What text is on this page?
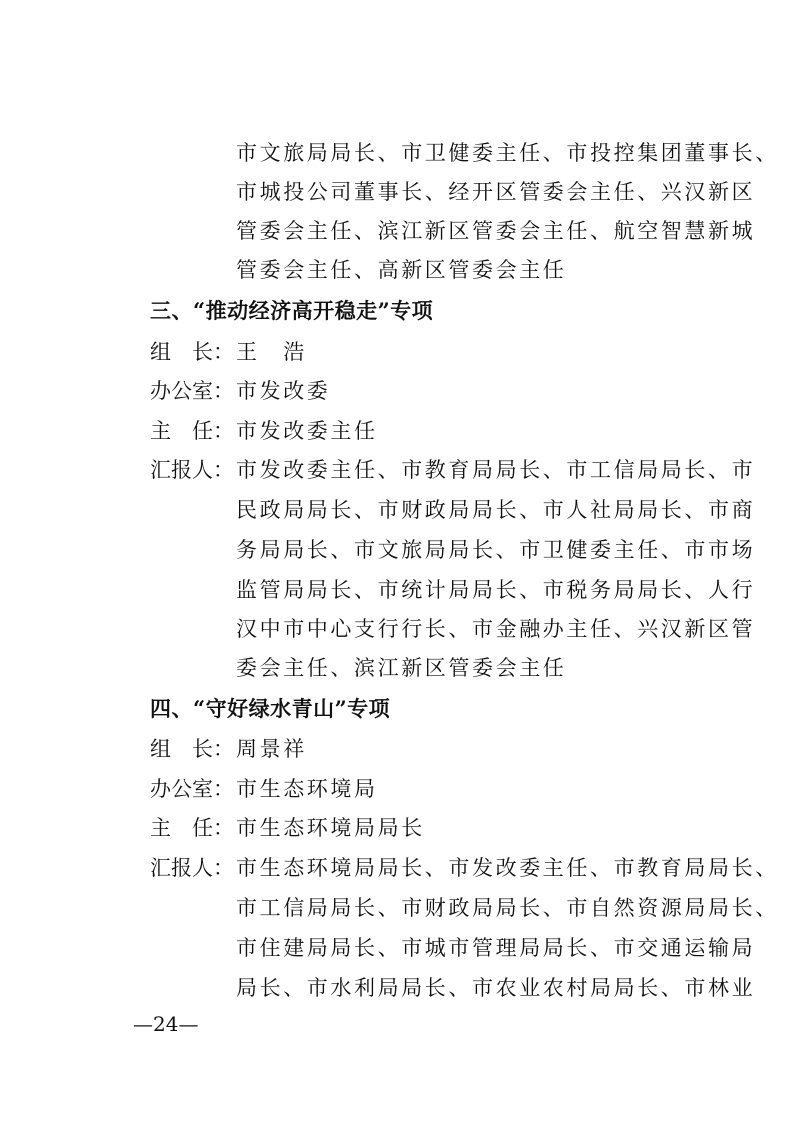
市文旅局局长、市卫健委主任、市投控集团董事长、
市城投公司董事长、经开区管委会主任、兴汉新区
管委会主任、滨江新区管委会主任、航空智慧新城
管委会主任、高新区管委会主任
三、“推动经济高开稳走”专项
组　长： 王　浩
办公室： 市发改委
主　任： 市发改委主任
汇报人： 市发改委主任、市教育局局长、市工信局局长、市
民政局局长、市财政局局长、市人社局局长、市商
务局局长、市文旅局局长、市卫健委主任、市市场
监管局局长、市统计局局长、市税务局局长、人行
汉中市中心支行行长、市金融办主任、兴汉新区管
委会主任、滨江新区管委会主任
四、“守好绿水青山”专项
组　长： 周景祥
办公室： 市生态环境局
主　任： 市生态环境局局长
汇报人： 市生态环境局局长、市发改委主任、市教育局局长、
市工信局局长、市财政局局长、市自然资源局局长、
市住建局局长、市城市管理局局长、市交通运输局
局长、市水利局局长、市农业农村局局长、市林业
—24—
